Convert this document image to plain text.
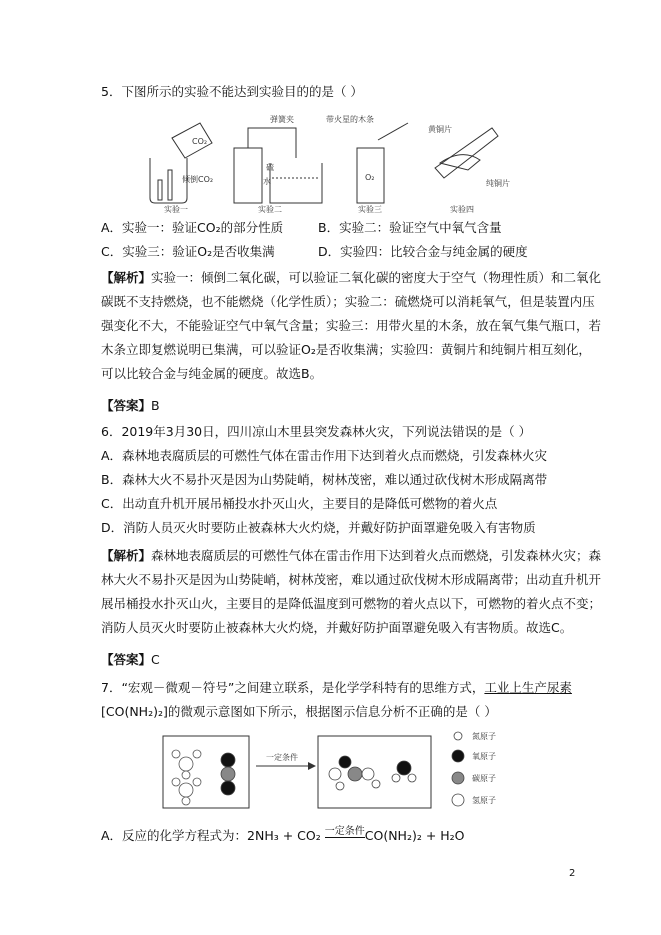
5．下图所示的实验不能达到实验目的的是（ ）
CO₂
倾倒CO₂
弹簧夹
硫
水
带火星的木条
O₂
黄铜片
纯铜片
实验一	实验二	实验三	实验四
A．实验一：验证CO₂的部分性质	B．实验二：验证空气中氧气含量
C．实验三：验证O₂是否收集满	D．实验四：比较合金与纯金属的硬度
【解析】实验一：倾倒二氧化碳，可以验证二氧化碳的密度大于空气（物理性质）和二氧化
碳既不支持燃烧，也不能燃烧（化学性质）；实验二：硫燃烧可以消耗氧气，但是装置内压
强变化不大，不能验证空气中氧气含量；实验三：用带火星的木条，放在氧气集气瓶口，若
木条立即复燃说明已集满，可以验证O₂是否收集满；实验四：黄铜片和纯铜片相互刻化，
可以比较合金与纯金属的硬度。故选B。
【答案】B
6．2019年3月30日，四川凉山木里县突发森林火灾，下列说法错误的是（ ）
A．森林地表腐质层的可燃性气体在雷击作用下达到着火点而燃烧，引发森林火灾
B．森林大火不易扑灭是因为山势陡峭，树林茂密，难以通过砍伐树木形成隔离带
C．出动直升机开展吊桶投水扑灭山火，主要目的是降低可燃物的着火点
D．消防人员灭火时要防止被森林大火灼烧，并戴好防护面罩避免吸入有害物质
【解析】森林地表腐质层的可燃性气体在雷击作用下达到着火点而燃烧，引发森林火灾；森
林大火不易扑灭是因为山势陡峭，树林茂密，难以通过砍伐树木形成隔离带；出动直升机开
展吊桶投水扑灭山火，主要目的是降低温度到可燃物的着火点以下，可燃物的着火点不变；
消防人员灭火时要防止被森林大火灼烧，并戴好防护面罩避免吸入有害物质。故选C。
【答案】C
7．“宏观－微观－符号”之间建立联系，是化学学科特有的思维方式，工业上生产尿素
[CO(NH₂)₂]的微观示意图如下所示，根据图示信息分析不正确的是（ ）
一定条件
氮原子
氧原子
碳原子
氢原子
A．反应的化学方程式为：2NH₃ + CO₂ 一定条件CO(NH₂)₂ + H₂O
2
